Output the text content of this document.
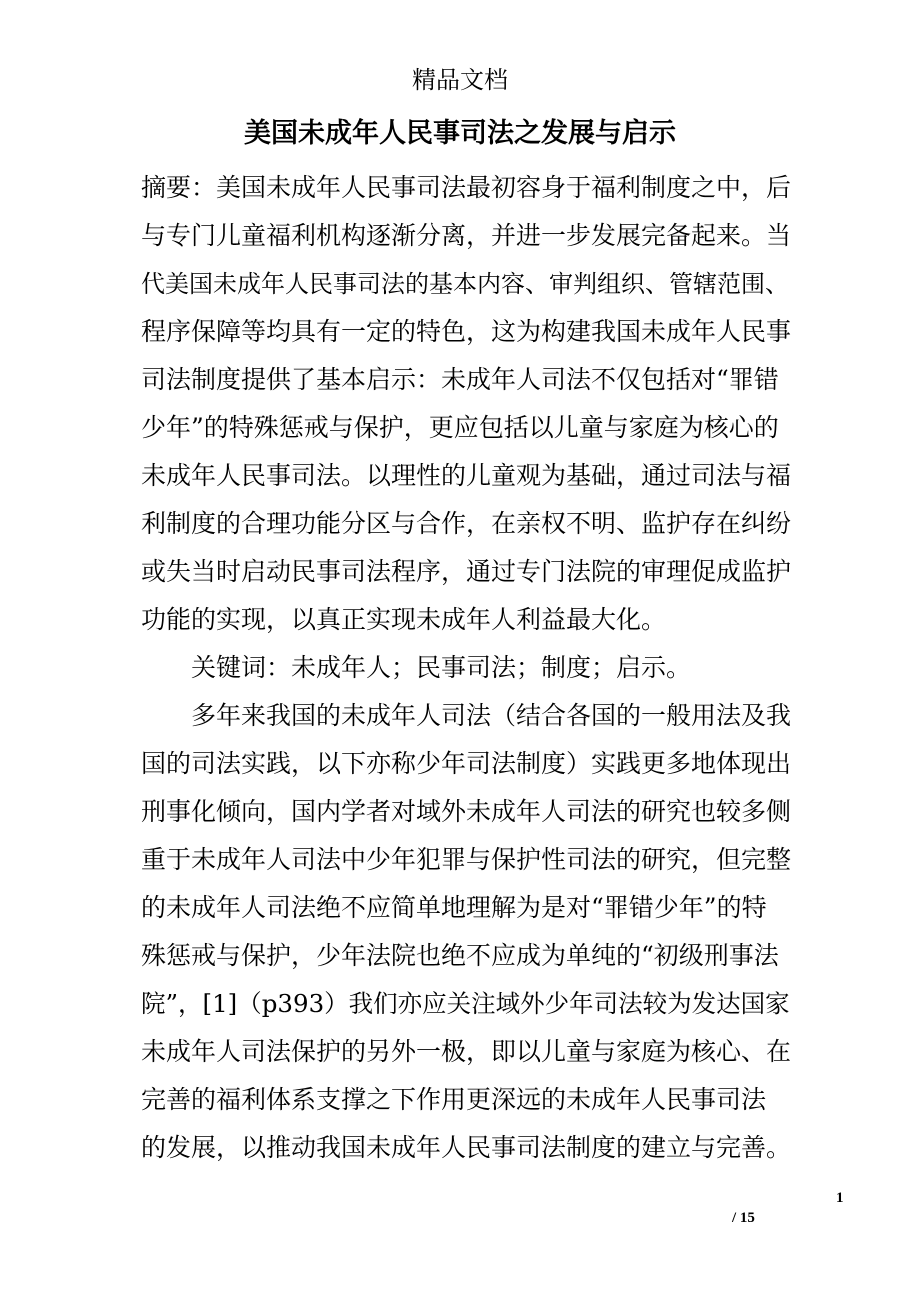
精品文档
美国未成年人民事司法之发展与启示
摘要：美国未成年人民事司法最初容身于福利制度之中，后
与专门儿童福利机构逐渐分离，并进一步发展完备起来。当
代美国未成年人民事司法的基本内容、审判组织、管辖范围、
程序保障等均具有一定的特色，这为构建我国未成年人民事
司法制度提供了基本启示：未成年人司法不仅包括对“罪错
少年”的特殊惩戒与保护，更应包括以儿童与家庭为核心的
未成年人民事司法。以理性的儿童观为基础，通过司法与福
利制度的合理功能分区与合作，在亲权不明、监护存在纠纷
或失当时启动民事司法程序，通过专门法院的审理促成监护
功能的实现，以真正实现未成年人利益最大化。
关键词：未成年人；民事司法；制度；启示。
多年来我国的未成年人司法（结合各国的一般用法及我
国的司法实践，以下亦称少年司法制度）实践更多地体现出
刑事化倾向，国内学者对域外未成年人司法的研究也较多侧
重于未成年人司法中少年犯罪与保护性司法的研究，但完整
的未成年人司法绝不应简单地理解为是对“罪错少年”的特
殊惩戒与保护，少年法院也绝不应成为单纯的“初级刑事法
院”，[1]（p393）我们亦应关注域外少年司法较为发达国家
未成年人司法保护的另外一极，即以儿童与家庭为核心、在
完善的福利体系支撑之下作用更深远的未成年人民事司法
的发展，以推动我国未成年人民事司法制度的建立与完善。
1
/ 15
